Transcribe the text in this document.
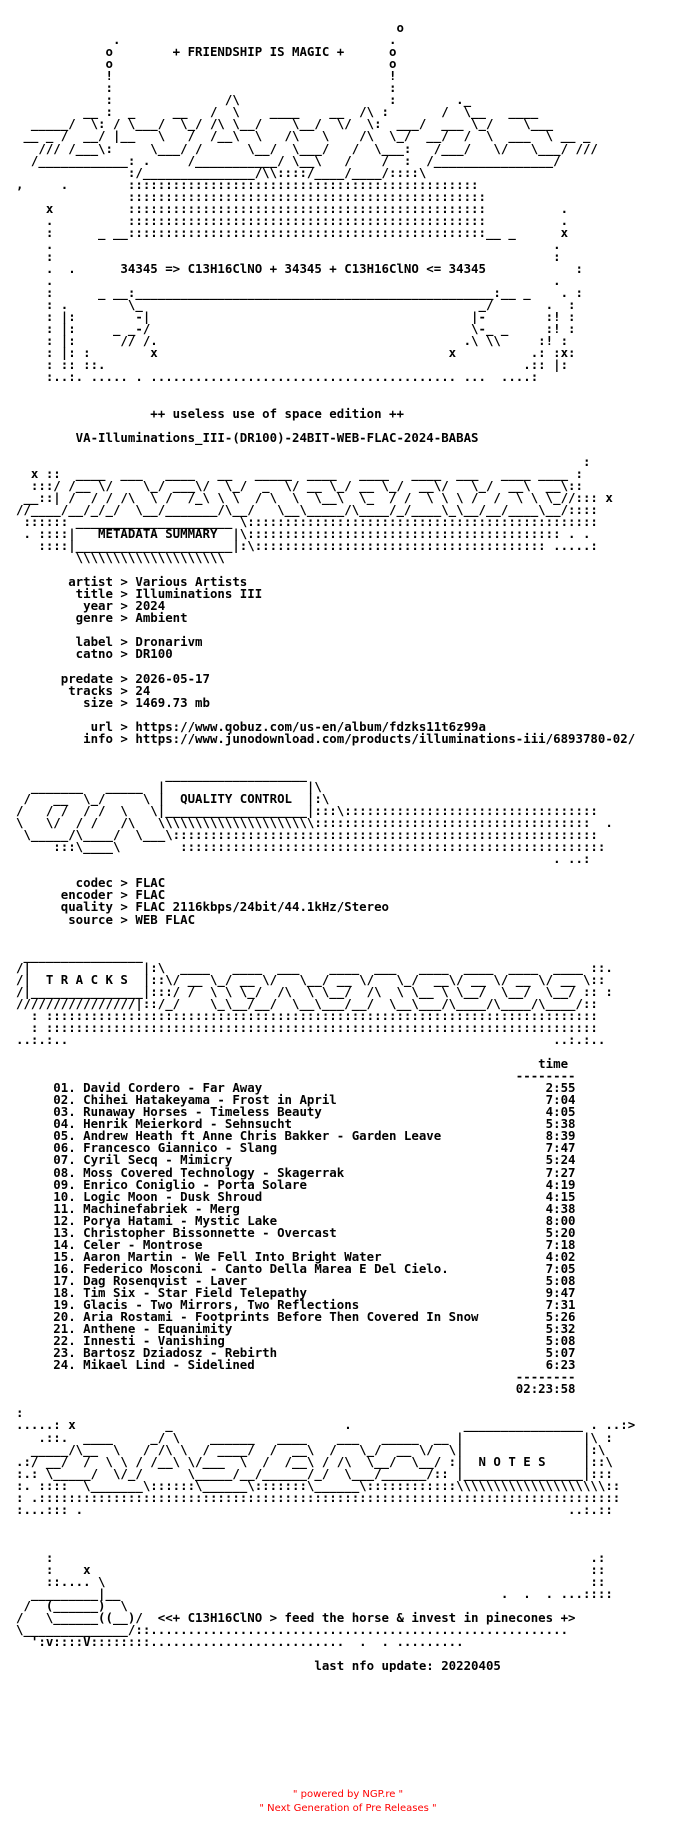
o
.                                    .
o        + FRIENDSHIP IS MAGIC +      o
o                                     o
!                                     !
:                                     :
:               /\                    :        ._
__ :  _     __   /  \    ____    __  /\ :       /  \__   ____
_____/  \: / \___/  \_/ /\ \__/    \__/  \/  \:  ___/  ___ \_/    \___
__ _ /  __/ |__   \   /  /__\  \   /\   \    /\  \_/  __/  /  \  ___  \ __ _
/// /___\:     \___/ /      \__/  \___/   /  \___:   /___/   \/   \___/ ///
/____________: .     /___________/ \__\   /    /  :  /________________/
:/_______________/\\::::/____/____/::::\
,     .        :::::::::::::::::::::::::::::::::::::::::::::::
::::::::::::::::::::::::::::::::::::::::::::::::
x          ::::::::::::::::::::::::::::::::::::::::::::::::          .
.          ::::::::::::::::::::::::::::::::::::::::::::::::          .
:      _ __::::::::::::::::::::::::::::::::::::::::::::::::__ _      x
.                                                                   .
:                                                                   :
.  .      34345 => C13H16ClNO + 34345 + C13H16ClNO <= 34345            :
.                                                                   .
:      _ __:________________________________________________:__ _    . :
: .        \_                                             _/       .  :
: |:        -|                                           |-        :! :
: |:     _ _-/                                           \-_ _     :! :
: |:      // /.                                         .\ \\     :! :
: |: :        x                                       x          .: :x:
: :: ::.                                                        .:: |:
:..:. ..... . ......................................... ...  ....:

++ useless use of space edition ++

VA-Illuminations_III-(DR100)-24BIT-WEB-FLAC-2024-BABAS

:
x ::  ____  ___   ____   __   _____  ____   ____   ____  ___   ____ ____ :
:::/ /__ \/    \_/ ___\/  \_/  _  \/ __ \_/ __ \_/  __\/   \_/  __\  __\::
__::| /  / / /\  \ /  /_\ \ \  / \  \  \__\  \_  / /  \ \ \ /  /  \ \ \_//::: x
//____/__/_/_/  \__/_______/\__/   \__\_____/\____/_/____\_\__/__/____\__/::::
:::::: _____________________ \:::::::::::::::::::::::::::::::::::::::::::::::
. ::::|   METADATA SUMMARY  |\:::::::::::::::::::::::::::::::::::::::::: . .
::::|_____________________|:\::::::::::::::::::::::::::::::::::::::: .....:
\\\\\\\\\\\\\\\\\\\\

artist > Various Artists
title > Illuminations III
year > 2024
genre > Ambient

label > Dronarivm
catno > DR100

predate > 2026-05-17
tracks > 24
size > 1469.73 mb

url > https://www.qobuz.com/us-en/album/fdzks11t6z99a
info > https://www.junodownload.com/products/illuminations-iii/6893780-02/

___________________
_______   _____  |                   |\
/   __  \_/     \ |  QUALITY CONTROL  |:\
/   / /  / /  \   \|___________________|:::\::::::::::::::::::::::::::::::::::
\   \/  / /   /\   \\\\\\\\\\\\\\\\\\\\\:::::::::::::::::::::::::::::::::::::  .
\_____/\____/  \___\:::::::::::::::::::::::::::::::::::::::::::::::::::::::::
:::\____\        :::::::::::::::::::::::::::::::::::::::::::::::::::::::::
. ..:

codec > FLAC
encoder > FLAC
quality > FLAC 2116kbps/24bit/44.1kHz/Stereo
source > WEB FLAC

________________
/|               |:\  ____   ____  ___    ____  ___   ____  ____  ____  ____ ::.
/|  T R A C K S  |::\/ __ \_/ __ \/   \__/ __ \/   \_/  __\/ __ \/ __ \/ __ \::
/|_______________|:::/ /  \ \ \_/  /\  \ \__/  /\  \ \__ \ \__/  \__/  \__/ :: :
////////////////|::/_/    \_\__/__/  \__\___/__/  \__\___/\____/\____/\____/::
: ::::::::::::::::::::::::::::::::::::::::::::::::::::::::::::::::::::::::::
: ::::::::::::::::::::::::::::::::::::::::::::::::::::::::::::::::::::::::::
..:.:..                                                                 ..:.:..

time
--------
01. David Cordero - Far Away                                      2:55
02. Chihei Hatakeyama - Frost in April                            7:04
03. Runaway Horses - Timeless Beauty                              4:05
04. Henrik Meierkord - Sehnsucht                                  5:38
05. Andrew Heath ft Anne Chris Bakker - Garden Leave              8:39
06. Francesco Giannico - Slang                                    7:47
07. Cyril Secq - Mimicry                                          5:24
08. Moss Covered Technology - Skagerrak                           7:27
09. Enrico Coniglio - Porta Solare                                4:19
10. Logic Moon - Dusk Shroud                                      4:15
11. Machinefabriek - Merg                                         4:38
12. Porya Hatami - Mystic Lake                                    8:00
13. Christopher Bissonnette - Overcast                            5:20
14. Celer - Montrose                                              7:18
15. Aaron Martin - We Fell Into Bright Water                      4:02
16. Federico Mosconi - Canto Della Marea E Del Cielo.             7:05
17. Dag Rosenqvist - Laver                                        5:08
18. Tim Six - Star Field Telepathy                                9:47
19. Glacis - Two Mirrors, Two Reflections                         7:31
20. Aria Rostami - Footprints Before Then Covered In Snow         5:26
21. Anthene - Equanimity                                          5:32
22. Innesti - Vanishing                                           5:08
23. Bartosz Dziadosz - Rebirth                                    5:07
24. Mikael Lind - Sidelined                                       6:23
--------
02:23:58

:
.....: x            _                       .               ________________ . ..:>
.::.  ____     _/ \    ______   ____    ___   _____  __ |                |\ :
_____/\__  \   / /\ \  / ____/  /  __\  /   \_/  __ \/  \|                |:\
.:/ __/  /  \ \ / /__\ \/___  \  /  /__\ / /\  \__/  \__/ :|  N O T E S     |::\
:.: \_____/  \/_/      \_____/__/______/_/  \___/______/:: |________________|:::
:. ::::  \_______\::::::\______\:::::::\______\::::::::::::\\\\\\\\\\\\\\\\\\\\::
: .::::::::::::::::::::::::::::::::::::::::::::::::::::::::::::::::::::::::::::::
:...::: .                                                                 ..:.::

:                                                                        .:
:    x                                                                   ::
::.... \                                                                 ::
_________|__                                                   .  .  . ...::::
/  (______)  \
/   \______((__)/  <<+ C13H16ClNO > feed the horse & invest in pinecones +>
\______________/::........................................................
':v::::V::::::::..........................  .  . .........

last nfo update: 20220405
" powered by NGP.re "
" Next Generation of Pre Releases "
